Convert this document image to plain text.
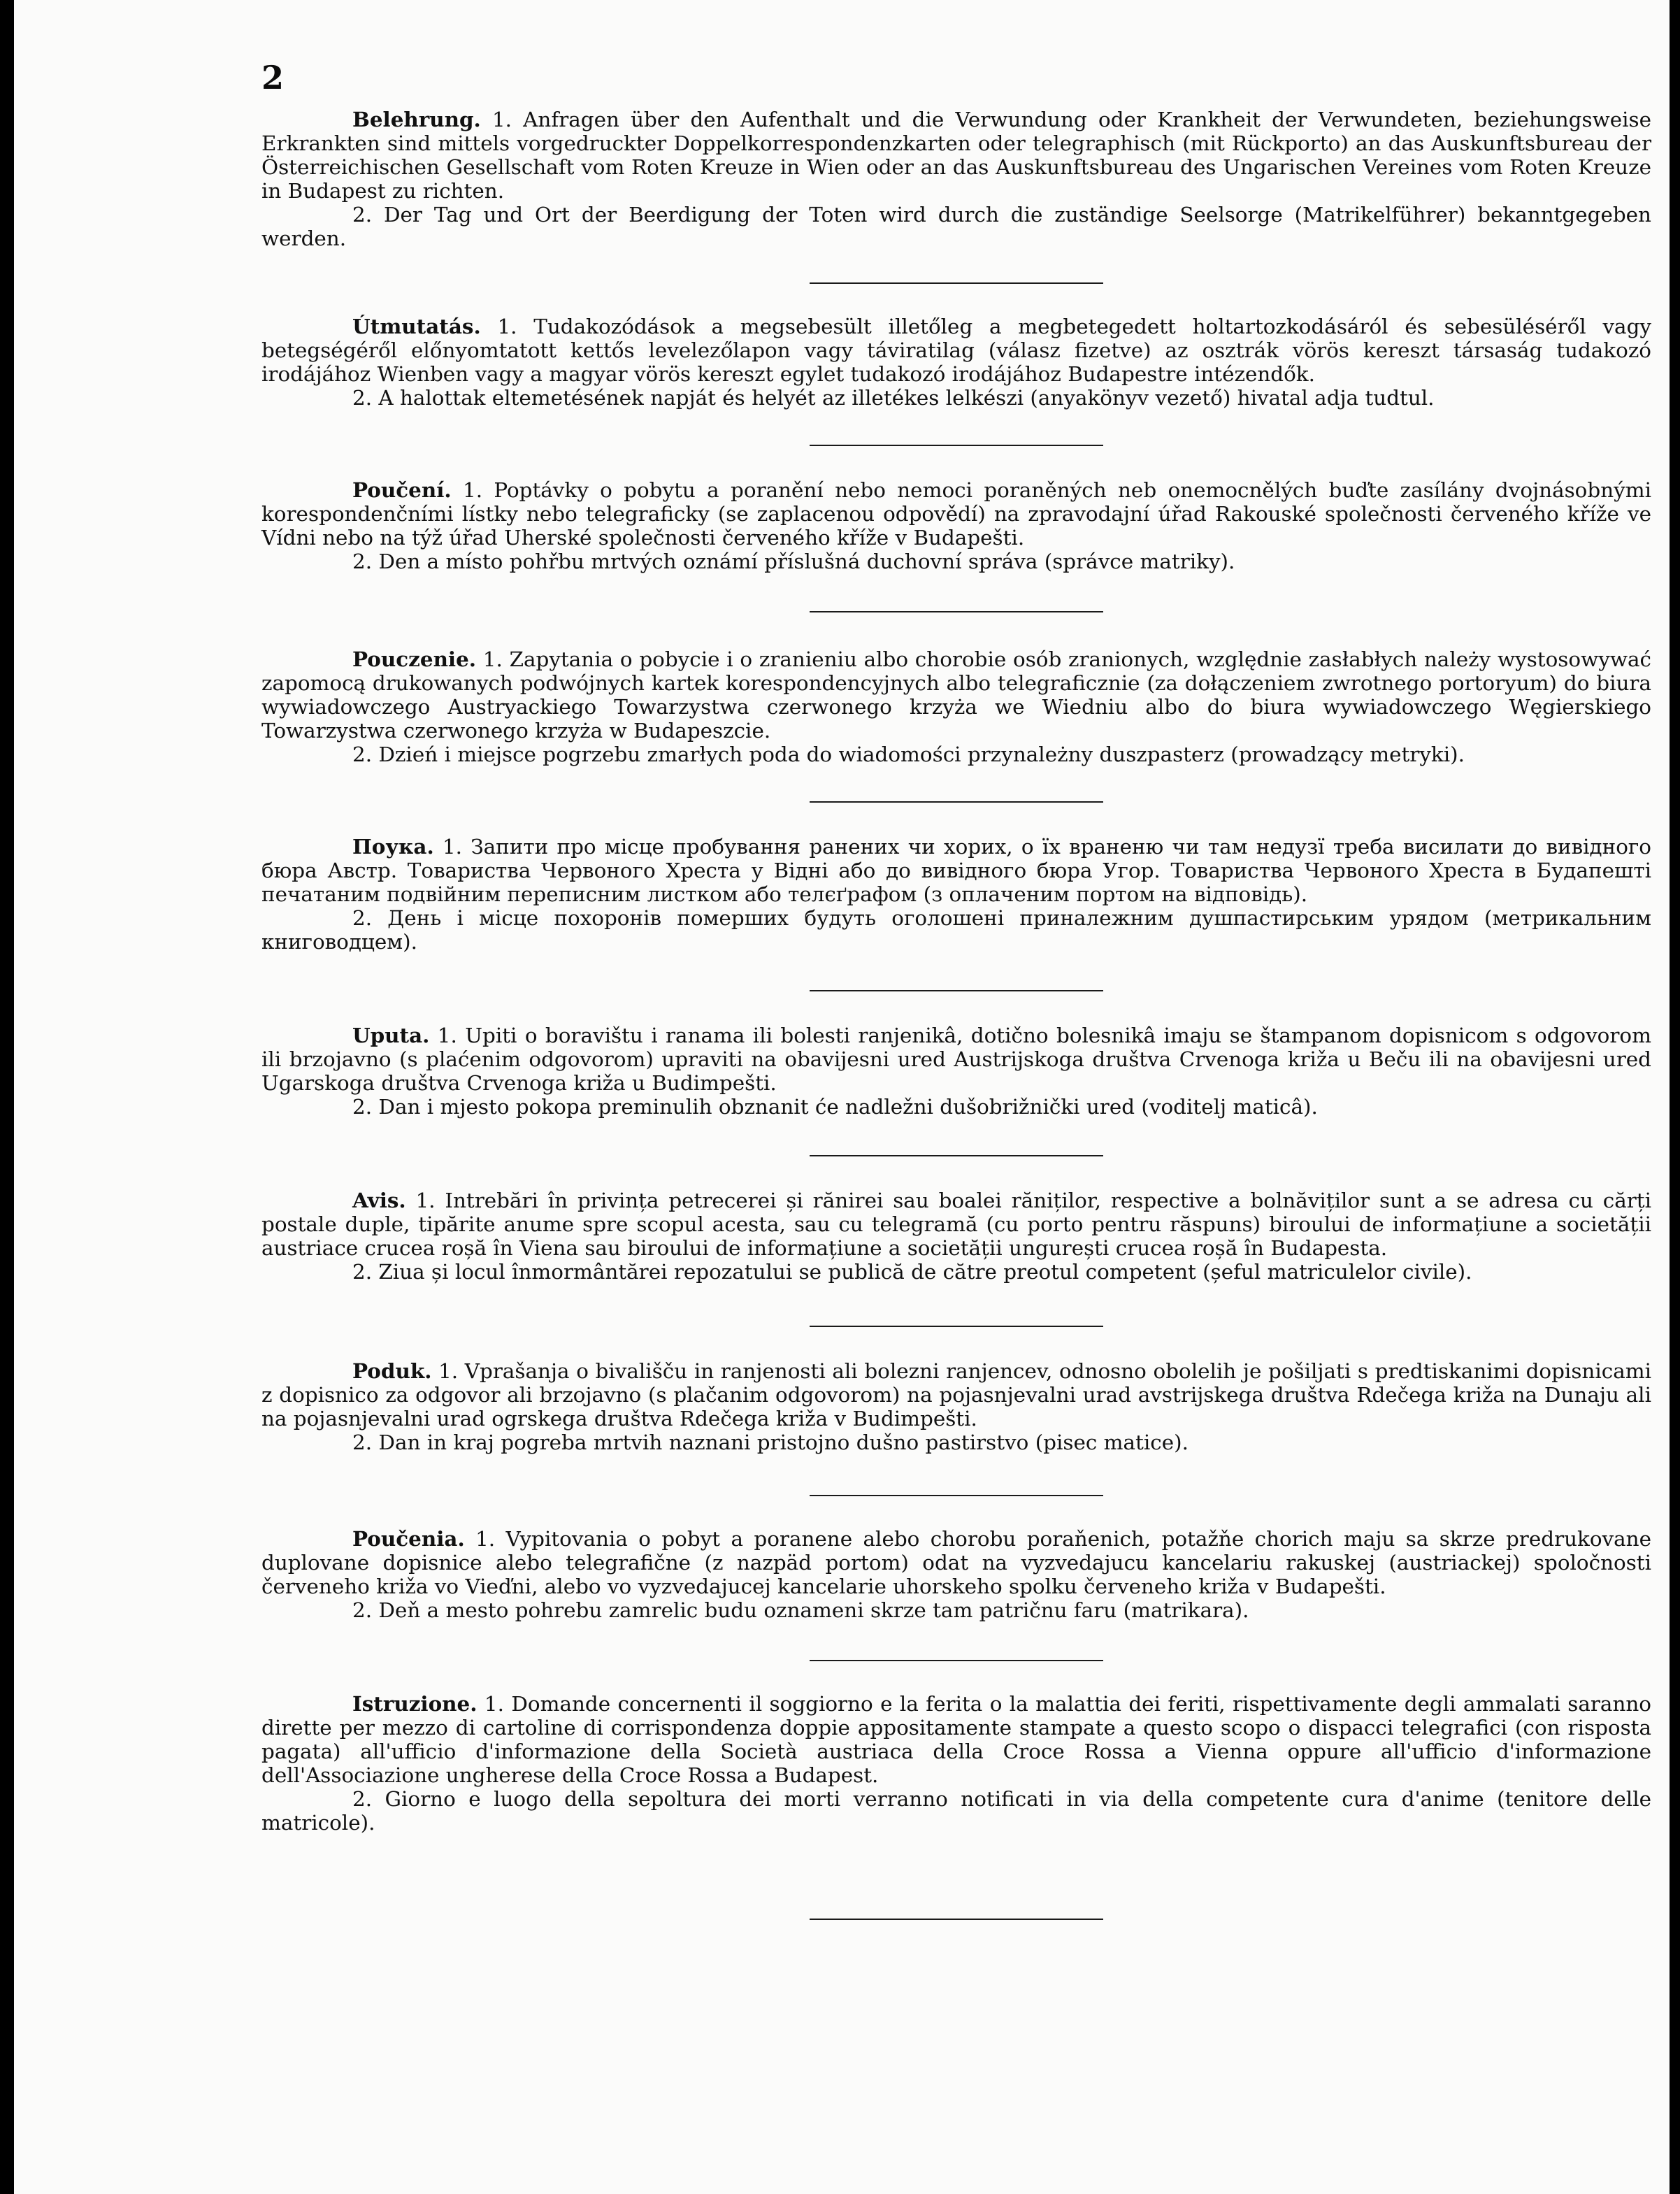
2

Belehrung. 1. Anfragen über den Aufenthalt und die Verwundung oder Krankheit der Verwundeten, beziehungsweise Erkrankten sind mittels vorgedruckter Doppelkorrespondenzkarten oder telegraphisch (mit Rückporto) an das Auskunftsbureau der Österreichischen Gesellschaft vom Roten Kreuze in Wien oder an das Auskunftsbureau des Ungarischen Vereines vom Roten Kreuze in Budapest zu richten.

2. Der Tag und Ort der Beerdigung der Toten wird durch die zuständige Seelsorge (Matrikelführer) bekanntgegeben werden.

Útmutatás. 1. Tudakozódások a megsebesült illetőleg a megbetegedett holtartozkodásáról és sebesüléséről vagy betegségéről előnyomtatott kettős levelezőlapon vagy táviratilag (válasz fizetve) az osztrák vörös kereszt társaság tudakozó irodájához Wienben vagy a magyar vörös kereszt egylet tudakozó irodájához Budapestre intézendők.

2. A halottak eltemetésének napját és helyét az illetékes lelkészi (anyakönyv vezető) hivatal adja tudtul.

Poučení. 1. Poptávky o pobytu a poranění nebo nemoci poraněných neb onemocnělých buďte zasílány dvojnásobnými korespondenčními lístky nebo telegraficky (se zaplacenou odpovědí) na zpravodajní úřad Rakouské společnosti červeného kříže ve Vídni nebo na týž úřad Uherské společnosti červeného kříže v Budapešti.

2. Den a místo pohřbu mrtvých oznámí příslušná duchovní správa (správce matriky).

Pouczenie. 1. Zapytania o pobycie i o zranieniu albo chorobie osób zranionych, względnie zasłabłych należy wystosowywać zapomocą drukowanych podwójnych kartek korespondencyjnych albo telegraficznie (za dołączeniem zwrotnego portoryum) do biura wywiadowczego Austryackiego Towarzystwa czerwonego krzyża we Wiedniu albo do biura wywiadowczego Węgierskiego Towarzystwa czerwonego krzyża w Budapeszcie.

2. Dzień i miejsce pogrzebu zmarłych poda do wiadomości przynależny duszpasterz (prowadzący metryki).

Поука. 1. Запити про місце пробування ранених чи хорих, о їх враненю чи там недузї треба висилати до вивідного бюра Австр. Товариства Червоного Хреста у Відні або до вивідного бюра Угор. Товариства Червоного Хреста в Будапешті печатаним подвійним переписним листком або телєґрафом (з оплаченим портом на відповідь).

2. День і місце похоронів померших будуть оголошені приналежним душпастирським урядом (метрикальним книговодцем).

Uputa. 1. Upiti o boravištu i ranama ili bolesti ranjenikâ, dotično bolesnikâ imaju se štampanom dopisnicom s odgovorom ili brzojavno (s plaćenim odgovorom) upraviti na obavijesni ured Austrijskoga društva Crvenoga križa u Beču ili na obavijesni ured Ugarskoga društva Crvenoga križa u Budimpešti.

2. Dan i mjesto pokopa preminulih obznanit će nadležni dušobrižnički ured (voditelj maticâ).

Avis. 1. Intrebări în privința petrecerei și rănirei sau boalei răniților, respective a bolnăviților sunt a se adresa cu cărți postale duple, tipărite anume spre scopul acesta, sau cu telegramă (cu porto pentru răspuns) biroului de informațiune a societății austriace crucea roșă în Viena sau biroului de informațiune a societății ungurești crucea roșă în Budapesta.

2. Ziua și locul înmormântărei repozatului se publică de către preotul competent (șeful matriculelor civile).

Poduk. 1. Vprašanja o bivališču in ranjenosti ali bolezni ranjencev, odnosno obolelih je pošiljati s predtiskanimi dopisnicami z dopisnico za odgovor ali brzojavno (s plačanim odgovorom) na pojasnjevalni urad avstrijskega društva Rdečega križa na Dunaju ali na pojasnjevalni urad ogrskega društva Rdečega križa v Budimpešti.

2. Dan in kraj pogreba mrtvih naznani pristojno dušno pastirstvo (pisec matice).

Poučenia. 1. Vypitovania o pobyt a poranene alebo chorobu poraňenich, potažňe chorich maju sa skrze predrukovane duplovane dopisnice alebo telegrafične (z nazpäd portom) odat na vyzvedajucu kancelariu rakuskej (austriackej) spoločnosti červeneho križa vo Vieďni, alebo vo vyzvedajucej kancelarie uhorskeho spolku červeneho križa v Budapešti.

2. Deň a mesto pohrebu zamrelic budu oznameni skrze tam patričnu faru (matrikara).

Istruzione. 1. Domande concernenti il soggiorno e la ferita o la malattia dei feriti, rispettivamente degli ammalati saranno dirette per mezzo di cartoline di corrispondenza doppie appositamente stampate a questo scopo o dispacci telegrafici (con risposta pagata) all'ufficio d'informazione della Società austriaca della Croce Rossa a Vienna oppure all'ufficio d'informazione dell'Associazione ungherese della Croce Rossa a Budapest.

2. Giorno e luogo della sepoltura dei morti verranno notificati in via della competente cura d'anime (tenitore delle matricole).
